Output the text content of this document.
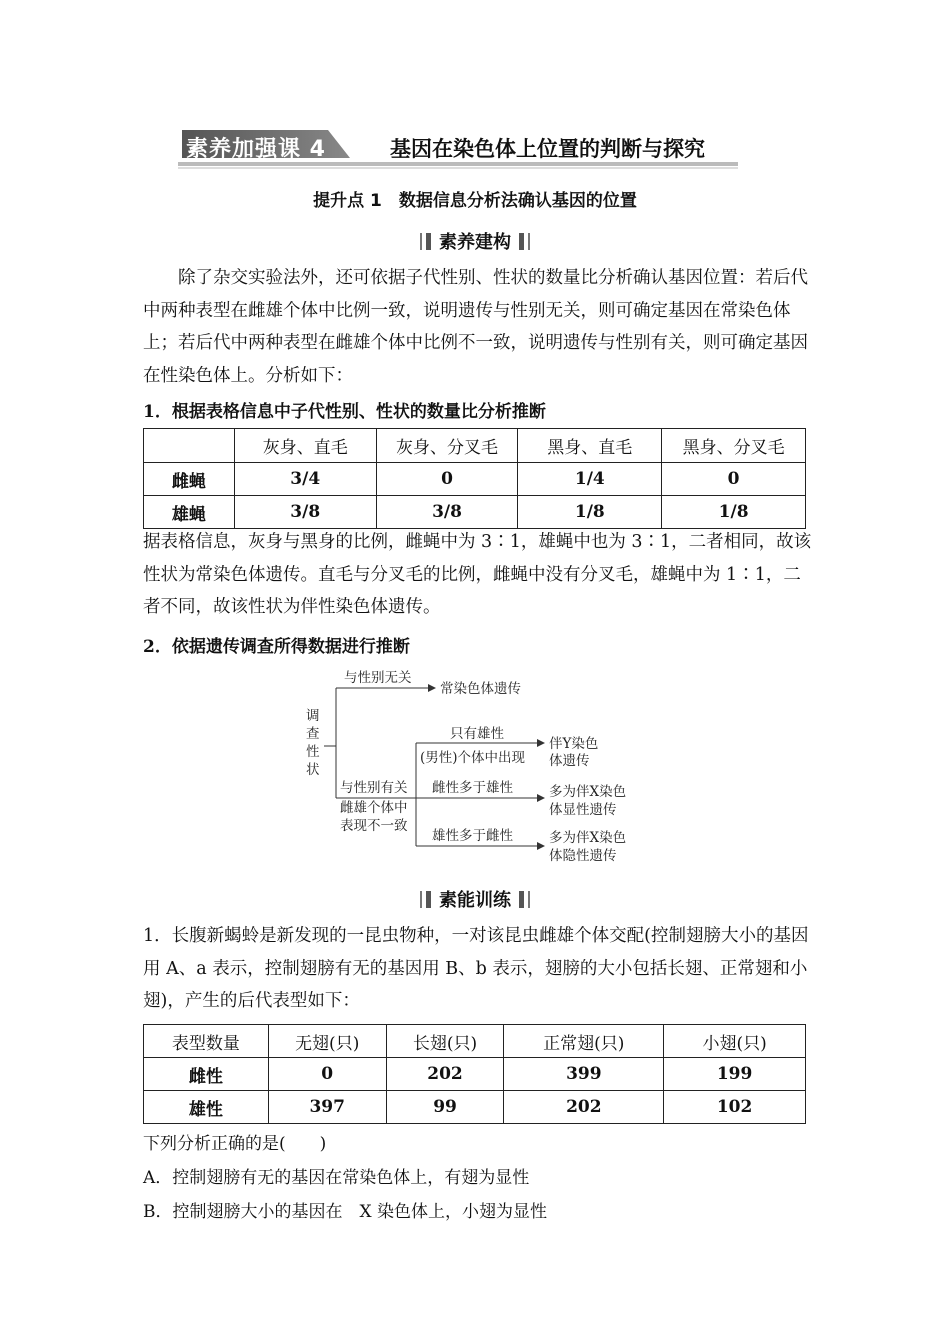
素养加强课 4	基因在染色体上位置的判断与探究
提升点 1　数据信息分析法确认基因的位置
素养建构
除了杂交实验法外，还可依据子代性别、性状的数量比分析确认基因位置：若后代中两种表型在雌雄个体中比例一致，说明遗传与性别无关，则可确定基因在常染色体上；若后代中两种表型在雌雄个体中比例不一致，说明遗传与性别有关，则可确定基因在性染色体上。分析如下：
1．根据表格信息中子代性别、性状的数量比分析推断
	灰身、直毛	灰身、分叉毛	黑身、直毛	黑身、分叉毛
雌蝇	3/4	0	1/4	0
雄蝇	3/8	3/8	1/8	1/8
据表格信息，灰身与黑身的比例，雌蝇中为 3∶1，雄蝇中也为 3∶1，二者相同，故该性状为常染色体遗传。直毛与分叉毛的比例，雌蝇中没有分叉毛，雄蝇中为 1∶1，二者不同，故该性状为伴性染色体遗传。
2．依据遗传调查所得数据进行推断
调
查
性
状
与性别无关
常染色体遗传
与性别有关
雌雄个体中
表现不一致
只有雄性
(男性)个体中出现
伴Y染色
体遗传
雌性多于雄性	多为伴X染色
体显性遗传
雄性多于雌性	多为伴X染色
体隐性遗传
素能训练
1．长腹新蝎蛉是新发现的一昆虫物种，一对该昆虫雌雄个体交配(控制翅膀大小的基因用 A、a 表示，控制翅膀有无的基因用 B、b 表示，翅膀的大小包括长翅、正常翅和小翅)，产生的后代表型如下：
表型数量	无翅(只)	长翅(只)	正常翅(只)	小翅(只)
雌性	0	202	399	199
雄性	397	99	202	102
下列分析正确的是(　　)
A．控制翅膀有无的基因在常染色体上，有翅为显性
B．控制翅膀大小的基因在　X 染色体上，小翅为显性
